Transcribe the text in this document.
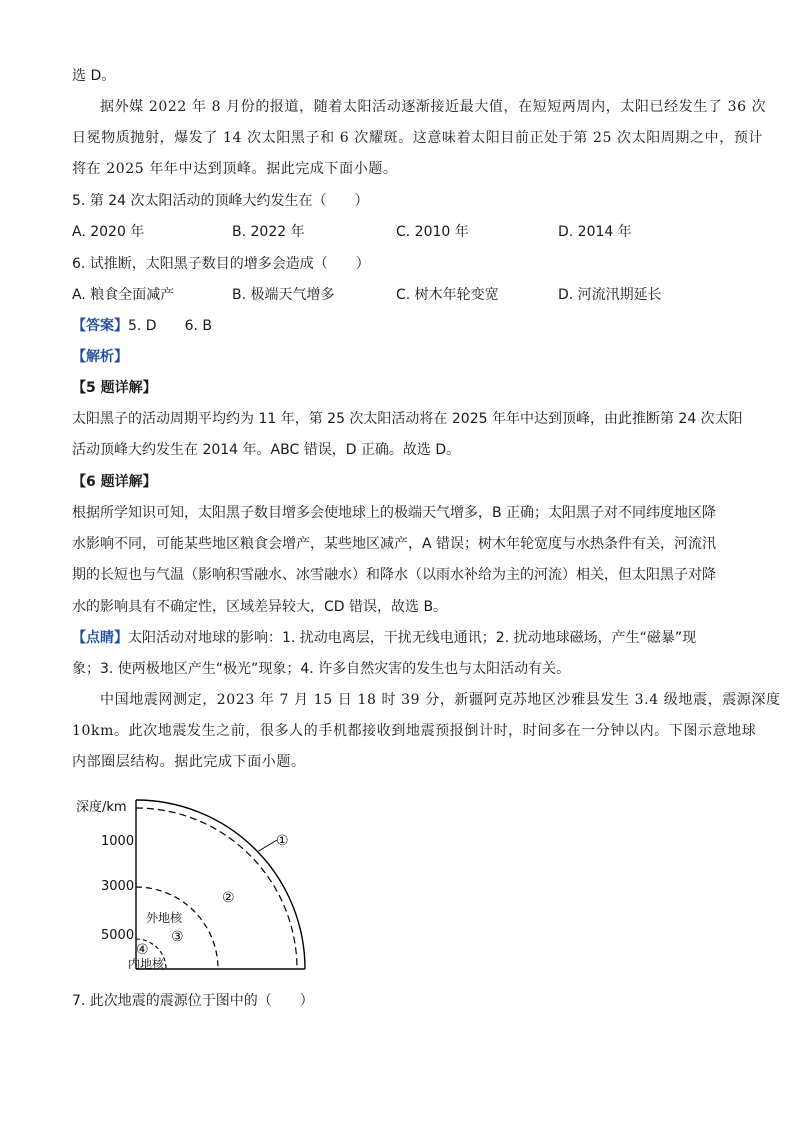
选 D。
据外媒 2022 年 8 月份的报道，随着太阳活动逐渐接近最大值，在短短两周内，太阳已经发生了 36 次
日冕物质抛射，爆发了 14 次太阳黑子和 6 次耀斑。这意味着太阳目前正处于第 25 次太阳周期之中，预计
将在 2025 年年中达到顶峰。据此完成下面小题。
5. 第 24 次太阳活动的顶峰大约发生在（　　）
A. 2020 年	B. 2022 年	C. 2010 年	D. 2014 年
6. 试推断，太阳黑子数目的增多会造成（　　）
A. 粮食全面减产	B. 极端天气增多	C. 树木年轮变宽	D. 河流汛期延长
【答案】5. D　　6. B
【解析】
【5 题详解】
太阳黑子的活动周期平均约为 11 年，第 25 次太阳活动将在 2025 年年中达到顶峰，由此推断第 24 次太阳
活动顶峰大约发生在 2014 年。ABC 错误，D 正确。故选 D。
【6 题详解】
根据所学知识可知，太阳黑子数目增多会使地球上的极端天气增多，B 正确；太阳黑子对不同纬度地区降
水影响不同，可能某些地区粮食会增产，某些地区减产，A 错误；树木年轮宽度与水热条件有关，河流汛
期的长短也与气温（影响积雪融水、冰雪融水）和降水（以雨水补给为主的河流）相关，但太阳黑子对降
水的影响具有不确定性，区域差异较大，CD 错误，故选 B。
【点睛】太阳活动对地球的影响：1. 扰动电离层，干扰无线电通讯；2. 扰动地球磁场，产生“磁暴”现
象；3. 使两极地区产生“极光”现象；4. 许多自然灾害的发生也与太阳活动有关。
中国地震网测定，2023 年 7 月 15 日 18 时 39 分，新疆阿克苏地区沙雅县发生 3.4 级地震，震源深度
10km。此次地震发生之前，很多人的手机都接收到地震预报倒计时，时间多在一分钟以内。下图示意地球
内部圈层结构。据此完成下面小题。
深度/km
1000
3000
5000
①
②
外地核
③
④
内地核
7. 此次地震的震源位于图中的（　　）
